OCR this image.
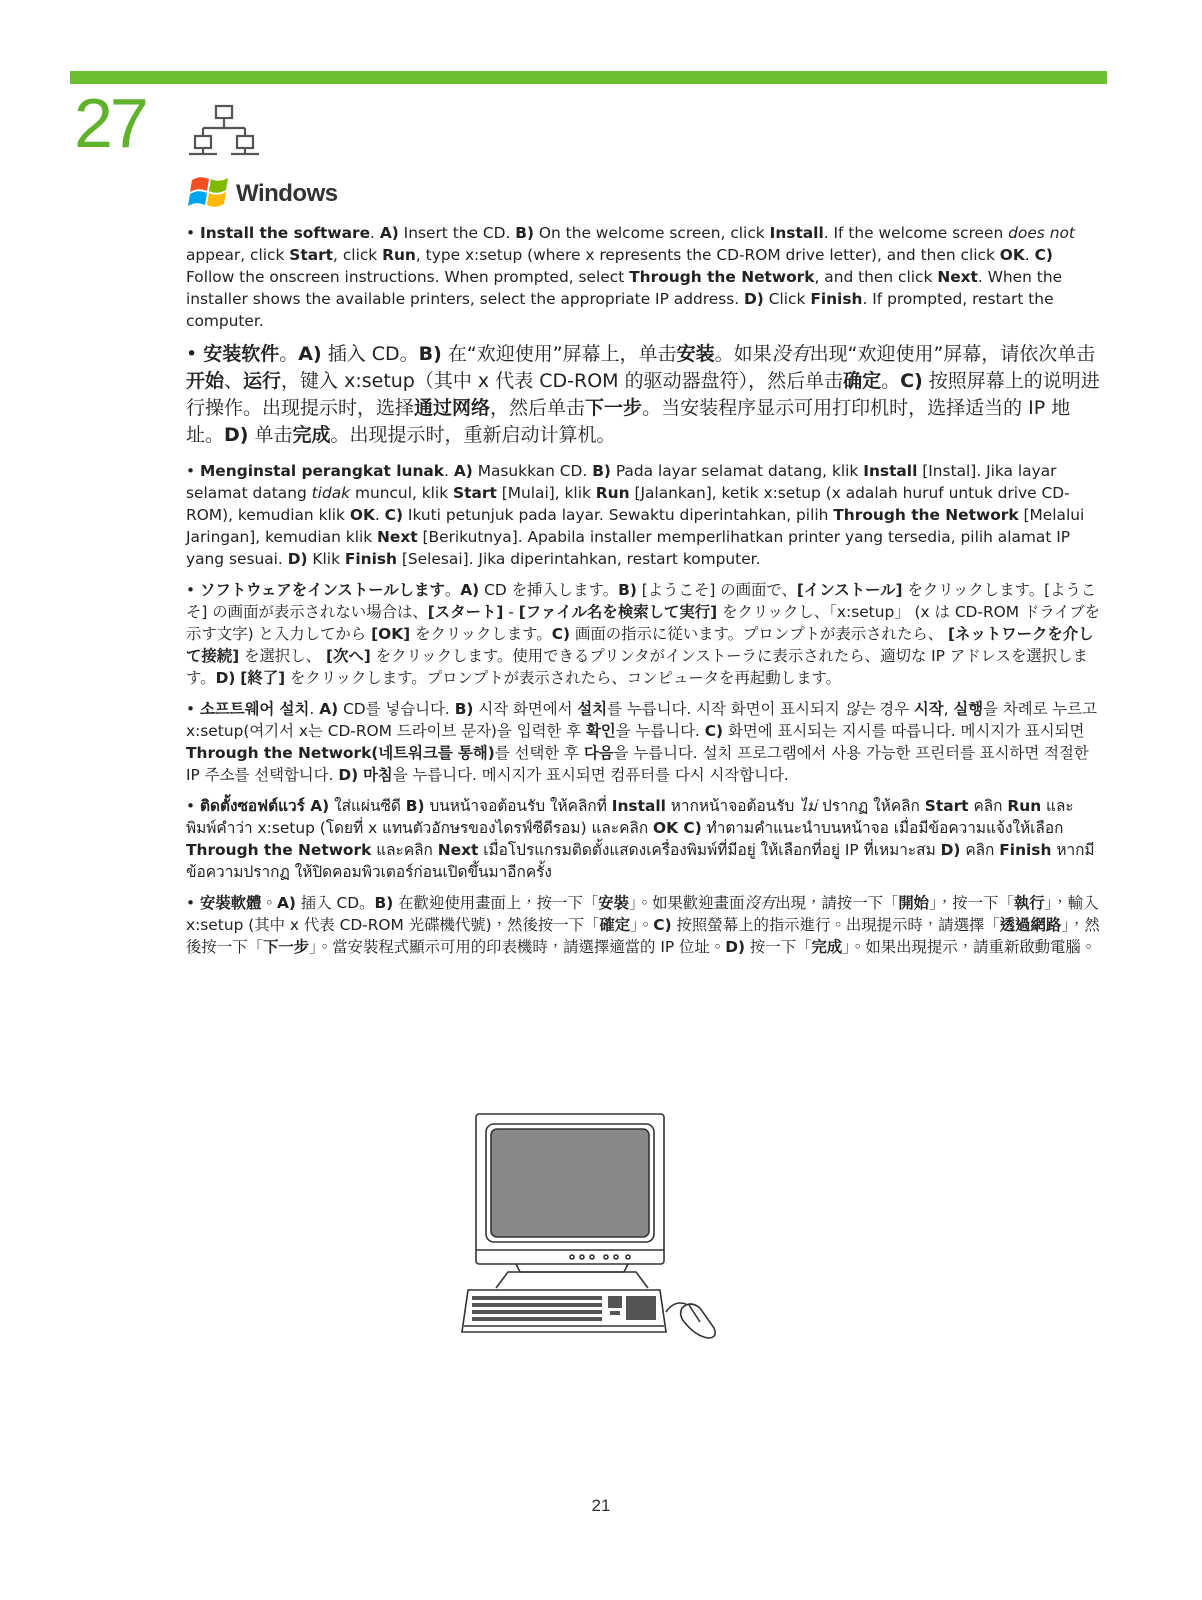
27
Windows

• Install the software. A) Insert the CD. B) On the welcome screen, click Install. If the welcome screen does not appear, click Start, click Run, type x:setup (where x represents the CD-ROM drive letter), and then click OK. C) Follow the onscreen instructions. When prompted, select Through the Network, and then click Next. When the installer shows the available printers, select the appropriate IP address. D) Click Finish. If prompted, restart the computer.

• 安装软件。A) 插入 CD。B) 在“欢迎使用”屏幕上，单击安装。如果没有出现“欢迎使用”屏幕，请依次单击开始、运行，键入 x:setup（其中 x 代表 CD-ROM 的驱动器盘符），然后单击确定。C) 按照屏幕上的说明进行操作。出现提示时，选择通过网络，然后单击下一步。当安装程序显示可用打印机时，选择适当的 IP 地址。D) 单击完成。出现提示时，重新启动计算机。

• Menginstal perangkat lunak. A) Masukkan CD. B) Pada layar selamat datang, klik Install [Instal]. Jika layar selamat datang tidak muncul, klik Start [Mulai], klik Run [Jalankan], ketik x:setup (x adalah huruf untuk drive CD-ROM), kemudian klik OK. C) Ikuti petunjuk pada layar. Sewaktu diperintahkan, pilih Through the Network [Melalui Jaringan], kemudian klik Next [Berikutnya]. Apabila installer memperlihatkan printer yang tersedia, pilih alamat IP yang sesuai. D) Klik Finish [Selesai]. Jika diperintahkan, restart komputer.

• ソフトウェアをインストールします。A) CD を挿入します。B) [ようこそ] の画面で、[インストール] をクリックします。[ようこそ] の画面が表示されない場合は、[スタート] - [ファイル名を検索して実行] をクリックし、「x:setup」 (x は CD-ROM ドライブを示す文字) と入力してから [OK] をクリックします。C) 画面の指示に従います。プロンプトが表示されたら、 [ネットワークを介して接続] を選択し、 [次へ] をクリックします。使用できるプリンタがインストーラに表示されたら、適切な IP アドレスを選択します。D) [終了] をクリックします。プロンプトが表示されたら、コンピュータを再起動します。

• 소프트웨어 설치. A) CD를 넣습니다. B) 시작 화면에서 설치를 누릅니다. 시작 화면이 표시되지 않는 경우 시작, 실행을 차례로 누르고 x:setup(여기서 x는 CD-ROM 드라이브 문자)을 입력한 후 확인을 누릅니다. C) 화면에 표시되는 지시를 따릅니다. 메시지가 표시되면 Through the Network(네트워크를 통해)를 선택한 후 다음을 누릅니다. 설치 프로그램에서 사용 가능한 프린터를 표시하면 적절한 IP 주소를 선택합니다. D) 마침을 누릅니다. 메시지가 표시되면 컴퓨터를 다시 시작합니다.

• ติดตั้งซอฟต์แวร์ A) ใส่แผ่นซีดี B) บนหน้าจอต้อนรับ ให้คลิกที่ Install หากหน้าจอต้อนรับ ไม่ ปรากฏ ให้คลิก Start คลิก Run และพิมพ์คำว่า x:setup (โดยที่ x แทนตัวอักษรของไดรฟ์ซีดีรอม) และคลิก OK C) ทำตามคำแนะนำบนหน้าจอ เมื่อมีข้อความแจ้งให้เลือก Through the Network และคลิก Next เมื่อโปรแกรมติดตั้งแสดงเครื่องพิมพ์ที่มีอยู่ ให้เลือกที่อยู่ IP ที่เหมาะสม D) คลิก Finish หากมีข้อความปรากฏ ให้ปิดคอมพิวเตอร์ก่อนเปิดขึ้นมาอีกครั้ง

• 安裝軟體。A) 插入 CD。B) 在歡迎使用畫面上，按一下「安裝」。如果歡迎畫面沒有出現，請按一下「開始」，按一下「執行」，輸入 x:setup (其中 x 代表 CD-ROM 光碟機代號)，然後按一下「確定」。C) 按照螢幕上的指示進行。出現提示時，請選擇「透過網路」，然後按一下「下一步」。當安裝程式顯示可用的印表機時，請選擇適當的 IP 位址。D) 按一下「完成」。如果出現提示，請重新啟動電腦。

21
